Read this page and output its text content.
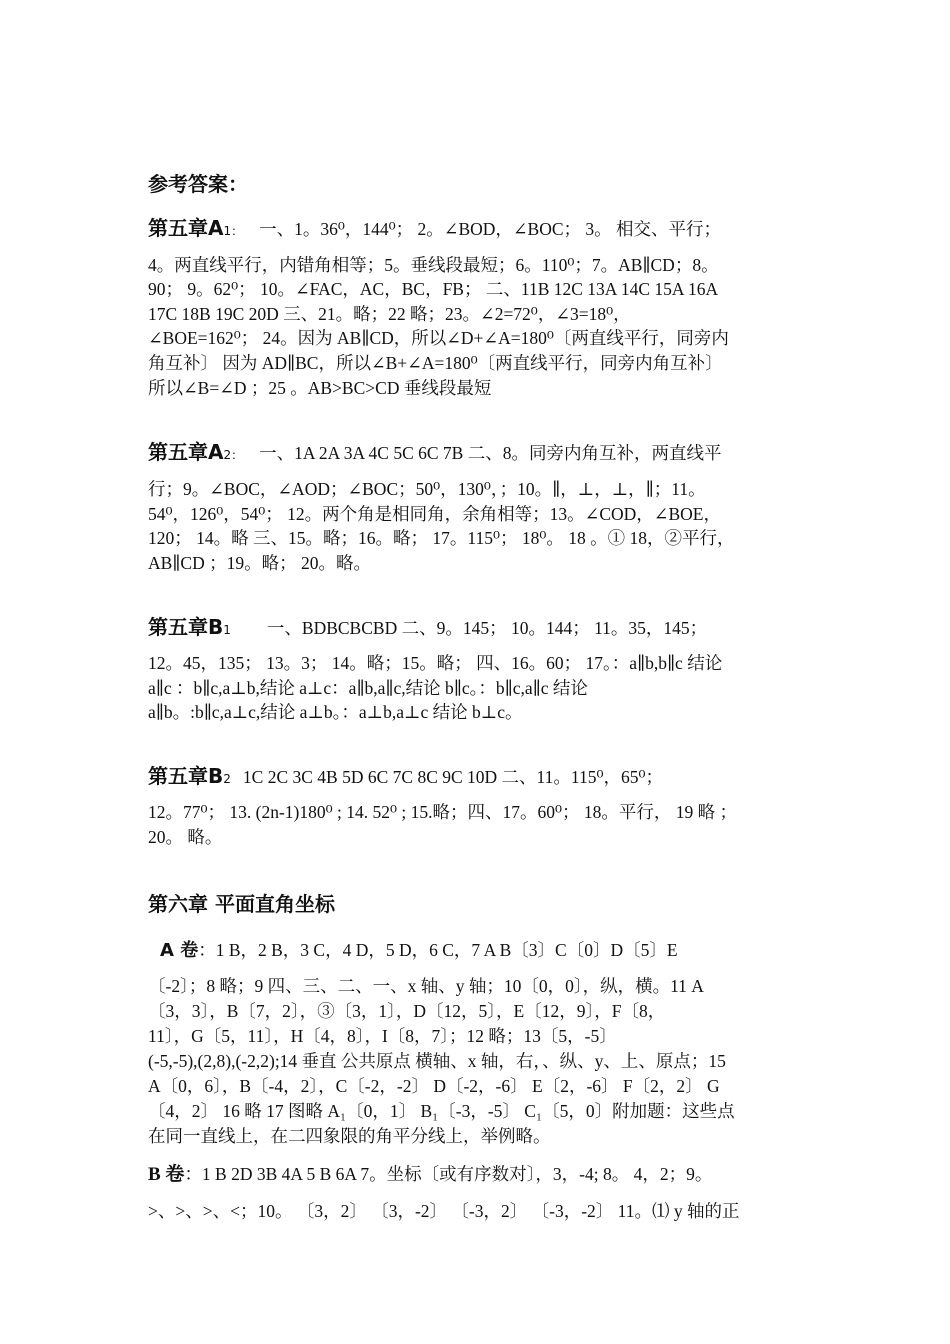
参考答案：
第五章A1： 一、1。36⁰，144⁰； 2。∠BOD，∠BOC； 3。 相交、平行；
4。两直线平行，内错角相等；5。垂线段最短；6。110⁰；7。AB∥CD；8。
90； 9。62⁰； 10。∠FAC，AC，BC，FB； 二、11B 12C 13A 14C 15A 16A
17C 18B 19C 20D 三、21。略；22 略；23。∠2=72⁰，∠3=18⁰，
∠BOE=162⁰； 24。因为 AB∥CD，所以∠D+∠A=180⁰〔两直线平行，同旁内
角互补〕 因为 AD∥BC，所以∠B+∠A=180⁰〔两直线平行，同旁内角互补〕
所以∠B=∠D ；25 。AB>BC>CD 垂线段最短
第五章A2： 一、1A 2A 3A 4C 5C 6C 7B 二、8。同旁内角互补，两直线平
行；9。∠BOC，∠AOD；∠BOC；50⁰，130⁰，；10。∥，⊥，⊥，∥；11。
54⁰，126⁰，54⁰； 12。两个角是相同角，余角相等；13。∠COD，∠BOE，
120； 14。略 三、15。略；16。略； 17。115⁰； 18⁰。 18 。① 18，②平行，
AB∥CD ；19。略； 20。略。
第五章B1 一、BDBCBCBD 二、9。145； 10。144； 11。35，145；
12。45，135； 13。3； 14。略；15。略； 四、16。60； 17。：a∥b,b∥c 结论
a∥c ：b∥c,a⊥b,结论 a⊥c：a∥b,a∥c,结论 b∥c。：b∥c,a∥c 结论
a∥b。:b∥c,a⊥c,结论 a⊥b。：a⊥b,a⊥c 结论 b⊥c。
第五章B2 1C 2C 3C 4B 5D 6C 7C 8C 9C 10D 二、11。115⁰，65⁰；
12。77⁰； 13. (2n-1)180⁰ ; 14. 52⁰ ; 15.略；四、17。60⁰； 18。平行， 19 略 ；
20。 略。
第六章 平面直角坐标
A 卷：1 B，2 B，3 C，4 D，5 D，6 C，7 A B〔3〕C〔0〕D〔5〕E
〔-2〕；8 略；9 四、三、二、一、x 轴、y 轴；10〔0，0〕，纵，横。11 A
〔3，3〕，B〔7，2〕，③〔3，1〕，D〔12，5〕，E〔12，9〕，F〔8，
11〕，G〔5，11〕，H〔4，8〕，I〔8，7〕；12 略；13〔5，-5〕
(-5,-5),(2,8),(-2,2);14 垂直 公共原点 横轴、x 轴，右，、纵、y、上、原点；15
A〔0，6〕，B〔-4，2〕，C〔-2，-2〕 D〔-2，-6〕 E〔2，-6〕 F〔2，2〕 G
〔4，2〕 16 略 17 图略 A₁〔0，1〕 B₁〔-3，-5〕 C₁〔5，0〕附加题：这些点
在同一直线上，在二四象限的角平分线上，举例略。
B 卷：1 B 2D 3B 4A 5 B 6A 7。坐标〔或有序数对〕，3，-4; 8。 4，2；9。
>、>、>、<；10。 〔3，2〕 〔3，-2〕 〔-3，2〕 〔-3，-2〕 11。⑴ y 轴的正
